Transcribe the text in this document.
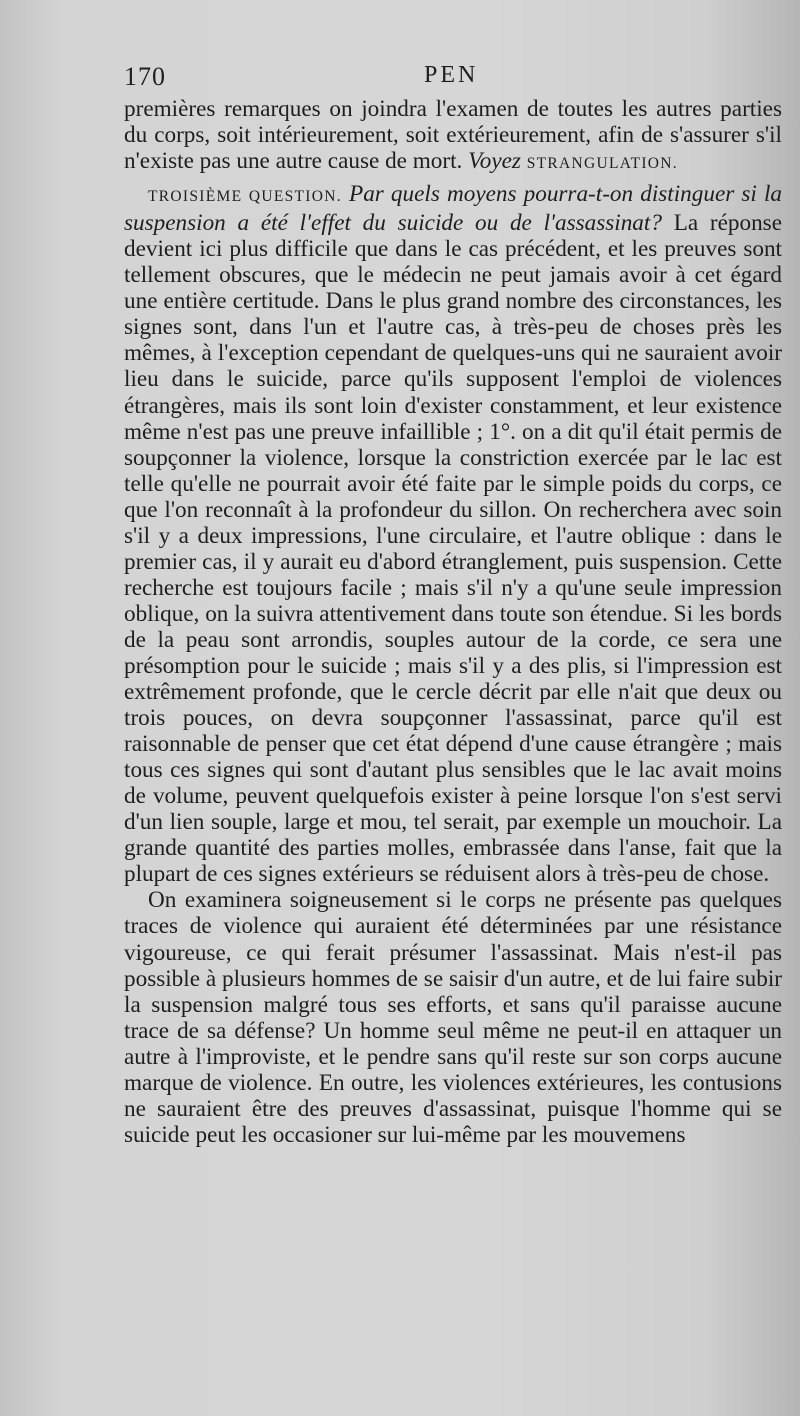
170	PEN

premières remarques on joindra l'examen de toutes les autres parties du corps, soit intérieurement, soit extérieurement, afin de s'assurer s'il n'existe pas une autre cause de mort. Voyez STRANGULATION.

TROISIÈME QUESTION. Par quels moyens pourra-t-on distinguer si la suspension a été l'effet du suicide ou de l'assassinat? La réponse devient ici plus difficile que dans le cas précédent, et les preuves sont tellement obscures, que le médecin ne peut jamais avoir à cet égard une entière certitude. Dans le plus grand nombre des circonstances, les signes sont, dans l'un et l'autre cas, à très-peu de choses près les mêmes, à l'exception cependant de quelques-uns qui ne sauraient avoir lieu dans le suicide, parce qu'ils supposent l'emploi de violences étrangères, mais ils sont loin d'exister constamment, et leur existence même n'est pas une preuve infaillible ; 1°. on a dit qu'il était permis de soupçonner la violence, lorsque la constriction exercée par le lac est telle qu'elle ne pourrait avoir été faite par le simple poids du corps, ce que l'on reconnaît à la profondeur du sillon. On recherchera avec soin s'il y a deux impressions, l'une circulaire, et l'autre oblique : dans le premier cas, il y aurait eu d'abord étranglement, puis suspension. Cette recherche est toujours facile ; mais s'il n'y a qu'une seule impression oblique, on la suivra attentivement dans toute son étendue. Si les bords de la peau sont arrondis, souples autour de la corde, ce sera une présomption pour le suicide ; mais s'il y a des plis, si l'impression est extrêmement profonde, que le cercle décrit par elle n'ait que deux ou trois pouces, on devra soupçonner l'assassinat, parce qu'il est raisonnable de penser que cet état dépend d'une cause étrangère ; mais tous ces signes qui sont d'autant plus sensibles que le lac avait moins de volume, peuvent quelquefois exister à peine lorsque l'on s'est servi d'un lien souple, large et mou, tel serait, par exemple un mouchoir. La grande quantité des parties molles, embrassée dans l'anse, fait que la plupart de ces signes extérieurs se réduisent alors à très-peu de chose.

On examinera soigneusement si le corps ne présente pas quelques traces de violence qui auraient été déterminées par une résistance vigoureuse, ce qui ferait présumer l'assassinat. Mais n'est-il pas possible à plusieurs hommes de se saisir d'un autre, et de lui faire subir la suspension malgré tous ses efforts, et sans qu'il paraisse aucune trace de sa défense? Un homme seul même ne peut-il en attaquer un autre à l'improviste, et le pendre sans qu'il reste sur son corps aucune marque de violence. En outre, les violences extérieures, les contusions ne sauraient être des preuves d'assassinat, puisque l'homme qui se suicide peut les occasioner sur lui-même par les mouvemens
